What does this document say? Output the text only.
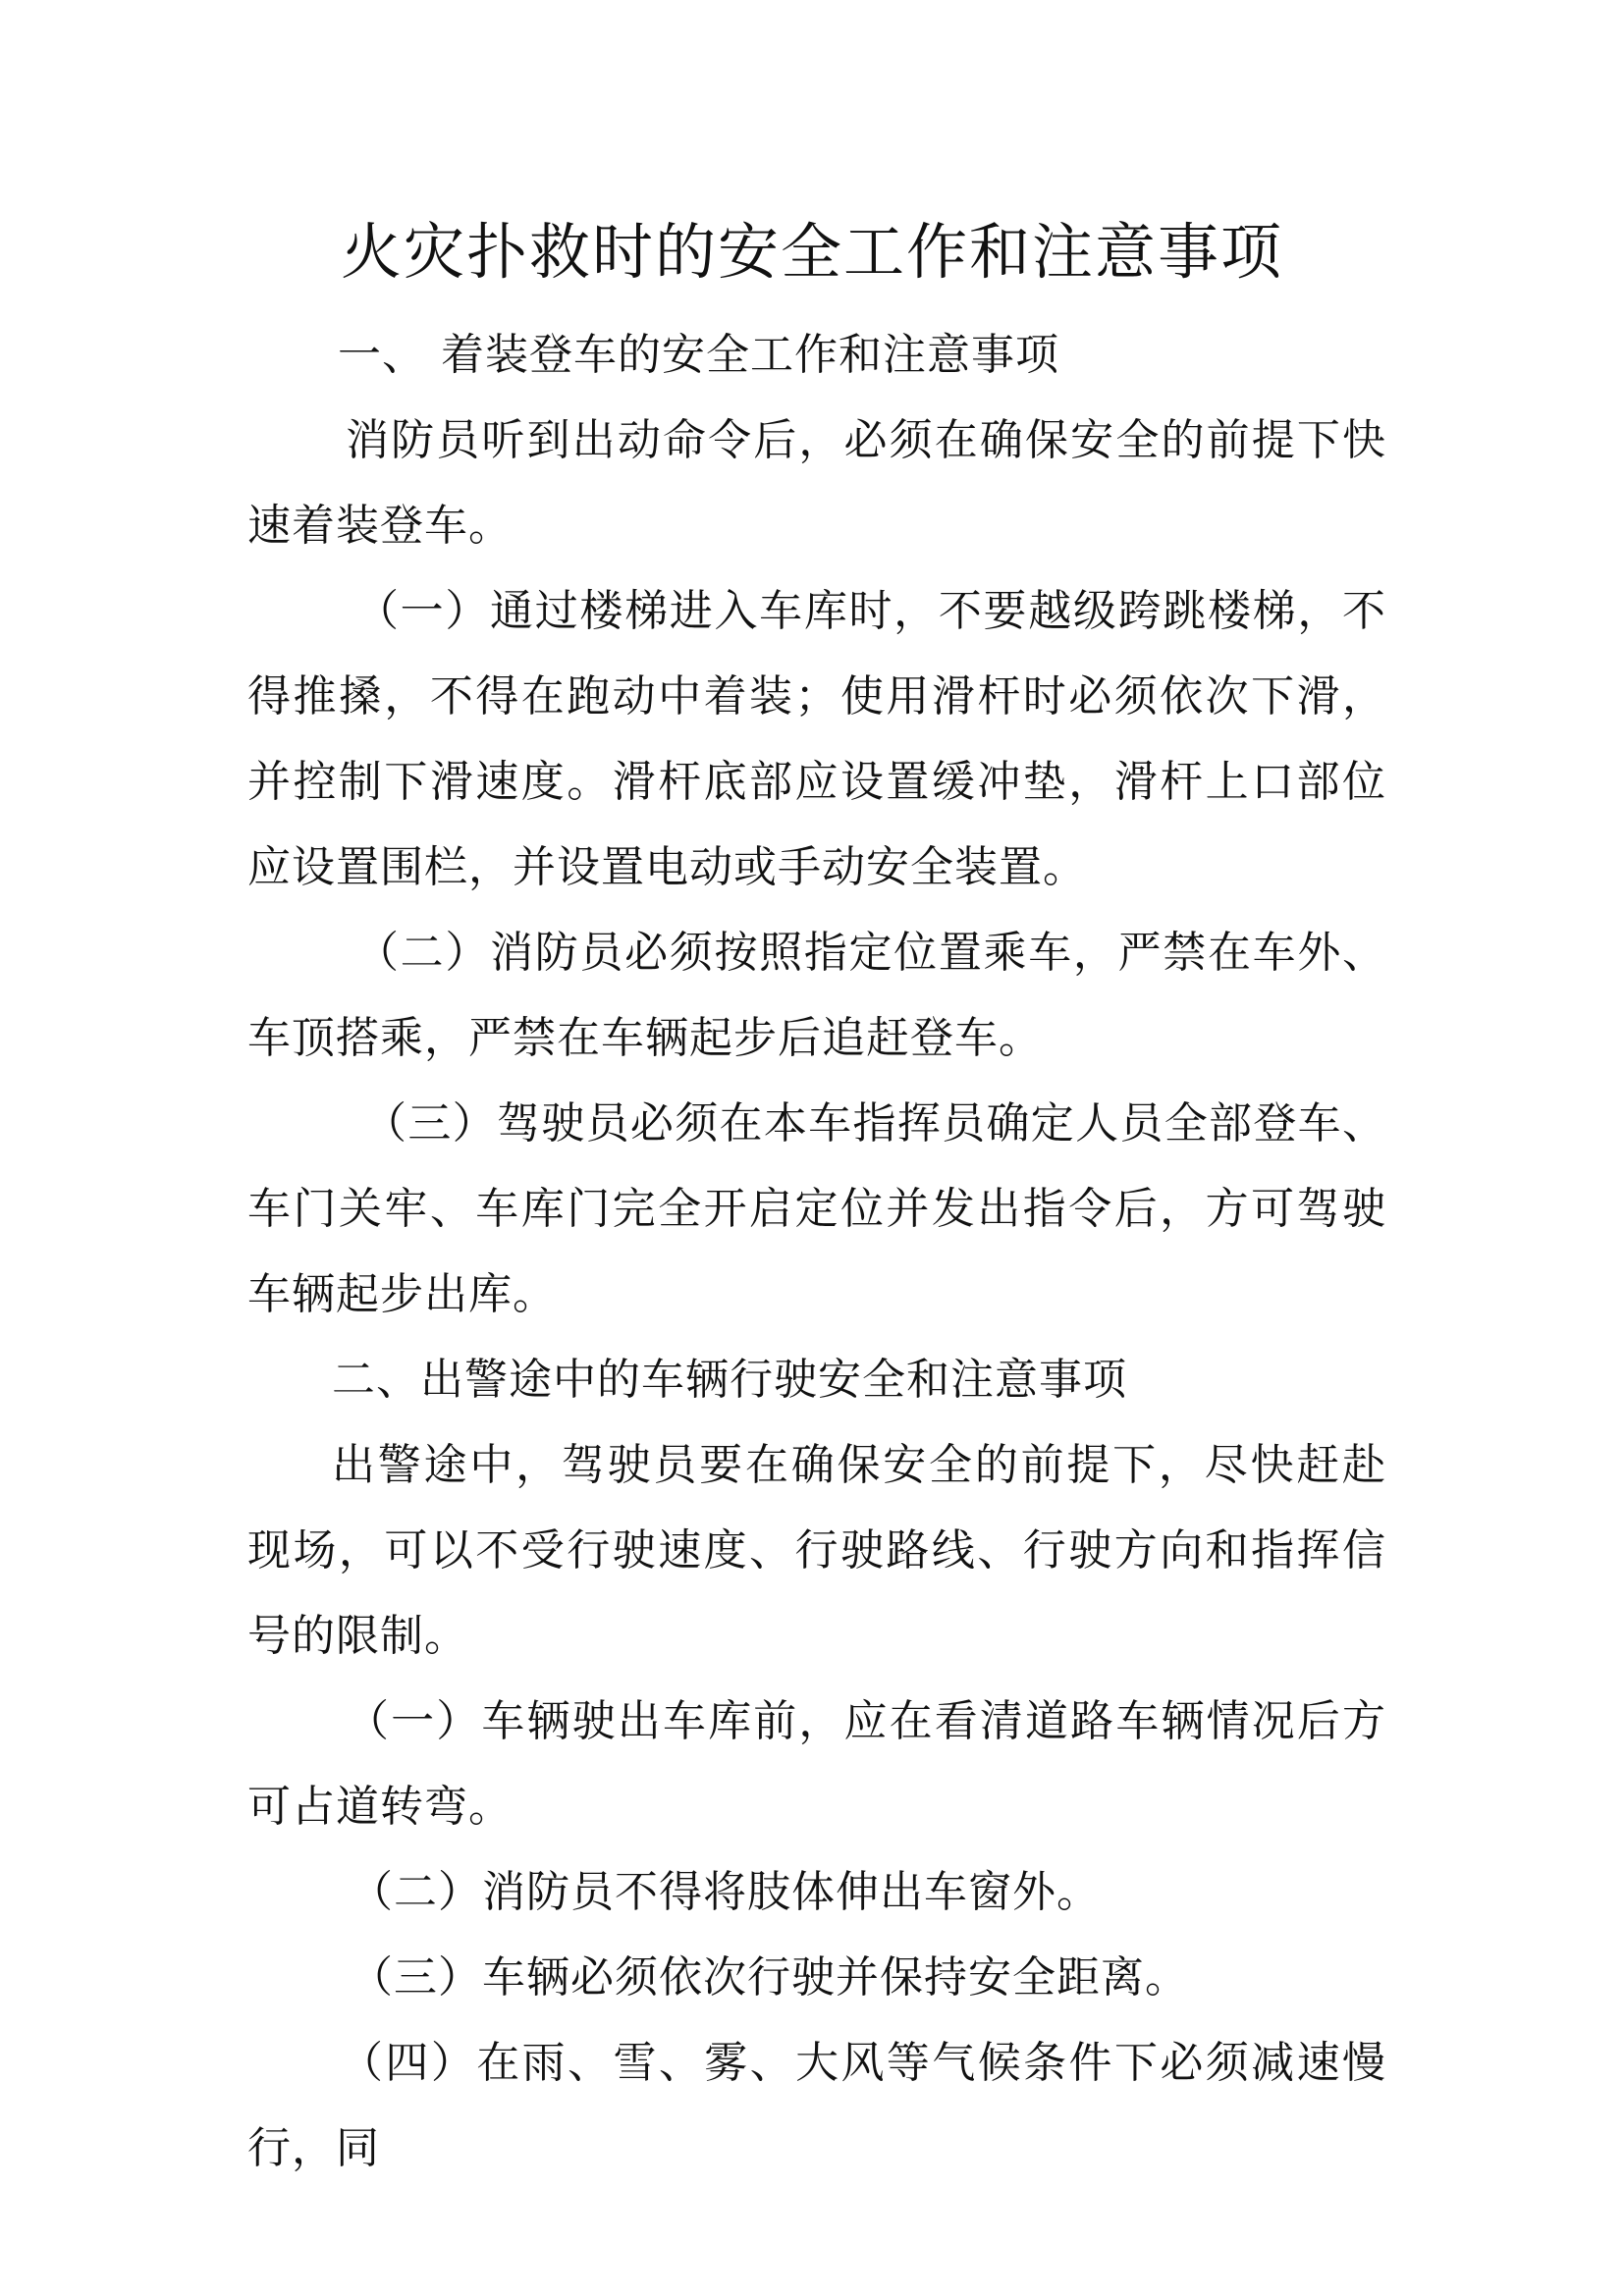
火灾扑救时的安全工作和注意事项

一、 着装登车的安全工作和注意事项

消防员听到出动命令后，必须在确保安全的前提下快速着装登车。

（一）通过楼梯进入车库时，不要越级跨跳楼梯，不得推搡，不得在跑动中着装；使用滑杆时必须依次下滑，并控制下滑速度。滑杆底部应设置缓冲垫，滑杆上口部位应设置围栏，并设置电动或手动安全装置。

（二）消防员必须按照指定位置乘车，严禁在车外、车顶搭乘，严禁在车辆起步后追赶登车。

（三）驾驶员必须在本车指挥员确定人员全部登车、车门关牢、车库门完全开启定位并发出指令后，方可驾驶车辆起步出库。

二、出警途中的车辆行驶安全和注意事项

出警途中，驾驶员要在确保安全的前提下，尽快赶赴现场，可以不受行驶速度、行驶路线、行驶方向和指挥信号的限制。

（一）车辆驶出车库前，应在看清道路车辆情况后方可占道转弯。

（二）消防员不得将肢体伸出车窗外。

（三）车辆必须依次行驶并保持安全距离。

（四）在雨、雪、雾、大风等气候条件下必须减速慢行，同
